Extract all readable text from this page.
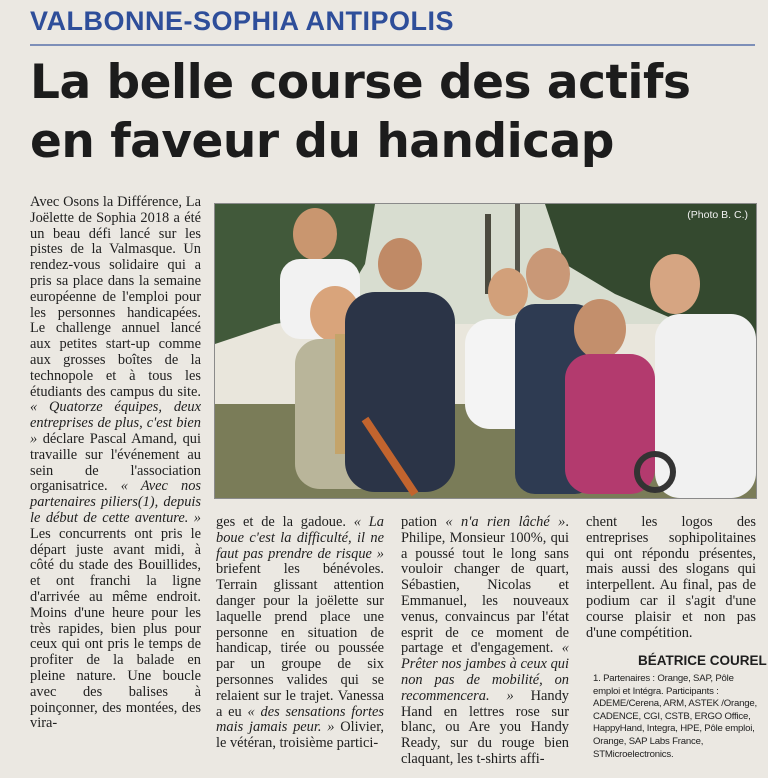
VALBONNE-SOPHIA ANTIPOLIS
La belle course des actifs en faveur du handicap

Avec Osons la Différence, La Joëlette de Sophia 2018 a été un beau défi lancé sur les pistes de la Valmasque. Un rendez-vous solidaire qui a pris sa place dans la semaine européenne de l'emploi pour les personnes handicapées. Le challenge annuel lancé aux petites start-up comme aux grosses boîtes de la technopole et à tous les étudiants des campus du site. « Quatorze équipes, deux entreprises de plus, c'est bien » déclare Pascal Amand, qui travaille sur l'événement au sein de l'association organisatrice. « Avec nos partenaires piliers(1), depuis le début de cette aventure. » Les concurrents ont pris le départ juste avant midi, à côté du stade des Bouillides, et ont franchi la ligne d'arrivée au même endroit. Moins d'une heure pour les très rapides, bien plus pour ceux qui ont pris le temps de profiter de la balade en pleine nature. Une boucle avec des balises à poinçonner, des montées, des vira-

(Photo B. C.)

ges et de la gadoue. « La boue c'est la difficulté, il ne faut pas prendre de risque » briefent les bénévoles. Terrain glissant attention danger pour la joëlette sur laquelle prend place une personne en situation de handicap, tirée ou poussée par un groupe de six personnes valides qui se relaient sur le trajet. Vanessa a eu « des sensations fortes mais jamais peur. » Olivier, le vétéran, troisième partici-

pation « n'a rien lâché ». Philipe, Monsieur 100%, qui a poussé tout le long sans vouloir changer de quart, Sébastien, Nicolas et Emmanuel, les nouveaux venus, convaincus par l'état esprit de ce moment de partage et d'engagement. « Prêter nos jambes à ceux qui non pas de mobilité, on recommencera. » Handy Hand en lettres rose sur blanc, ou Are you Handy Ready, sur du rouge bien claquant, les t-shirts affi-

chent les logos des entreprises sophipolitaines qui ont répondu présentes, mais aussi des slogans qui interpellent. Au final, pas de podium car il s'agit d'une course plaisir et non pas d'une compétition.

BÉATRICE COUREL

1. Partenaires : Orange, SAP, Pôle emploi et Intégra. Participants : ADEME/Cerena, ARM, ASTEK /Orange, CADENCE, CGI, CSTB, ERGO Office, HappyHand, Integra, HPE, Pôle emploi, Orange, SAP Labs France, STMicroelectronics.
